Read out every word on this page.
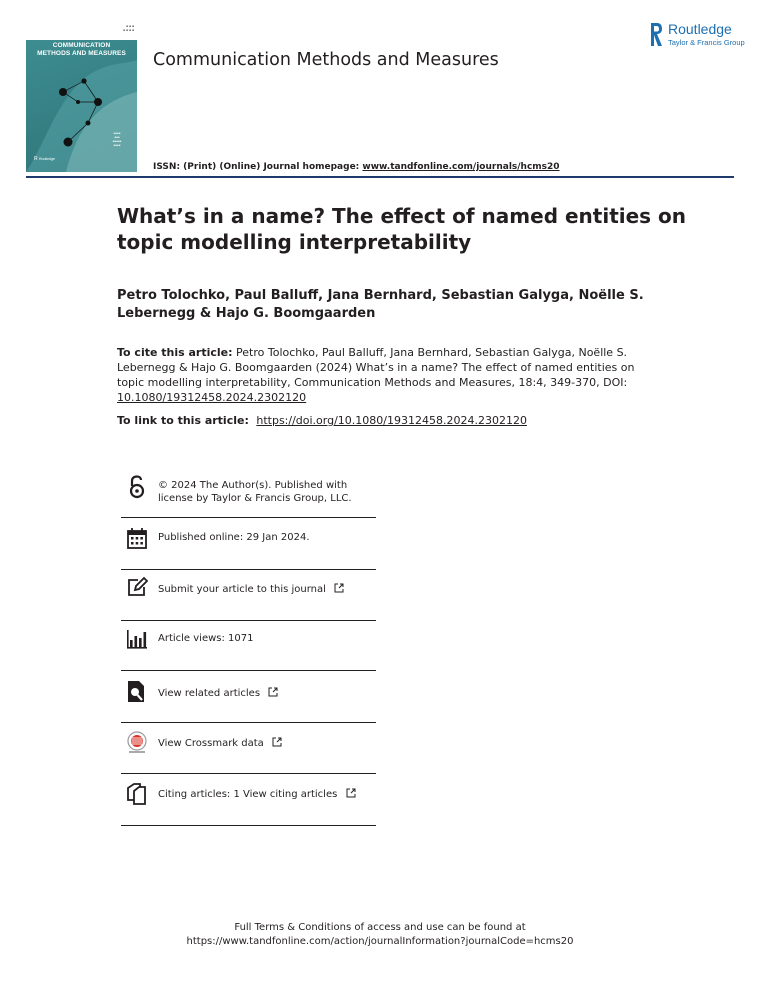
▪ ▪ ▪
▪ ▪ ▪ ▪
COMMUNICATION
METHODS AND MEASURES
▪▪▪▪
▪▪▪
▪▪▪▪▪
▪▪▪▪
R Routledge
Communication Methods and Measures
Routledge
Taylor & Francis Group
ISSN: (Print) (Online) Journal homepage: www.tandfonline.com/journals/hcms20
What’s in a name? The effect of named entities on topic modelling interpretability

Petro Tolochko, Paul Balluff, Jana Bernhard, Sebastian Galyga, Noëlle S. Lebernegg & Hajo G. Boomgaarden

To cite this article: Petro Tolochko, Paul Balluff, Jana Bernhard, Sebastian Galyga, Noëlle S. Lebernegg & Hajo G. Boomgaarden (2024) What’s in a name? The effect of named entities on topic modelling interpretability, Communication Methods and Measures, 18:4, 349-370, DOI: 10.1080/19312458.2024.2302120

To link to this article: https://doi.org/10.1080/19312458.2024.2302120
© 2024 The Author(s). Published with license by Taylor & Francis Group, LLC.
Published online: 29 Jan 2024.
Submit your article to this journal
Article views: 1071
View related articles
View Crossmark data
Citing articles: 1 View citing articles
Full Terms & Conditions of access and use can be found at
https://www.tandfonline.com/action/journalInformation?journalCode=hcms20
